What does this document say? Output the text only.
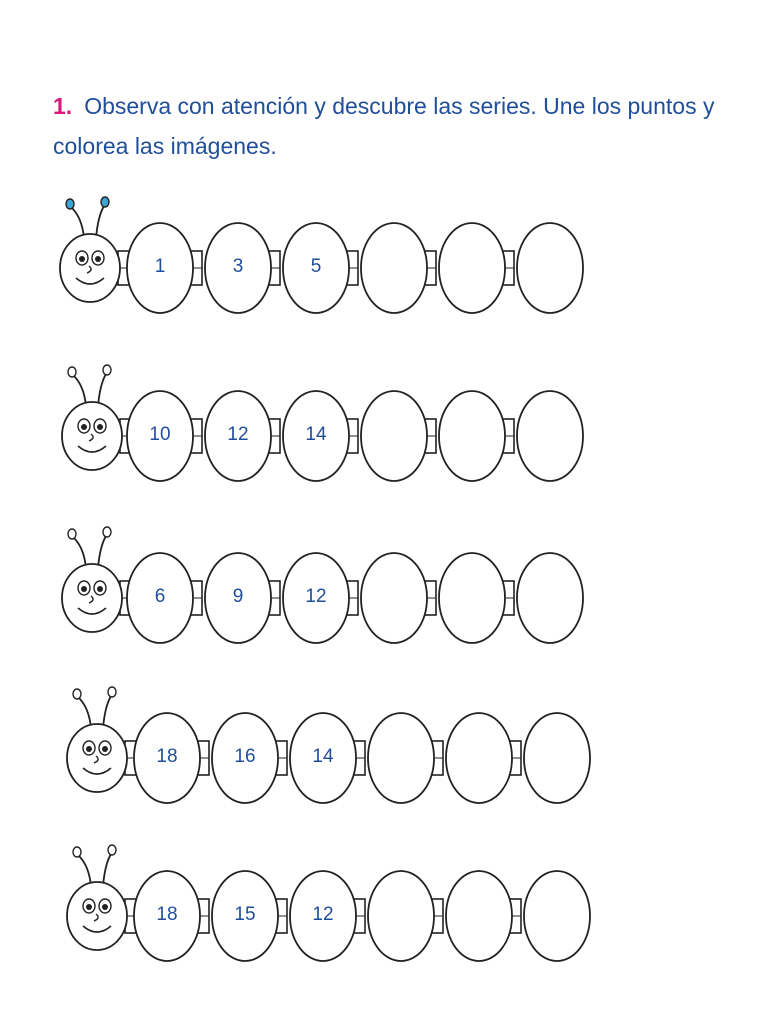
1. Observa con atención y descubre las series. Une los puntos y colorea las imágenes.
1	3	5
10	12	14
6	9	12
18	16	14
18	15	12
